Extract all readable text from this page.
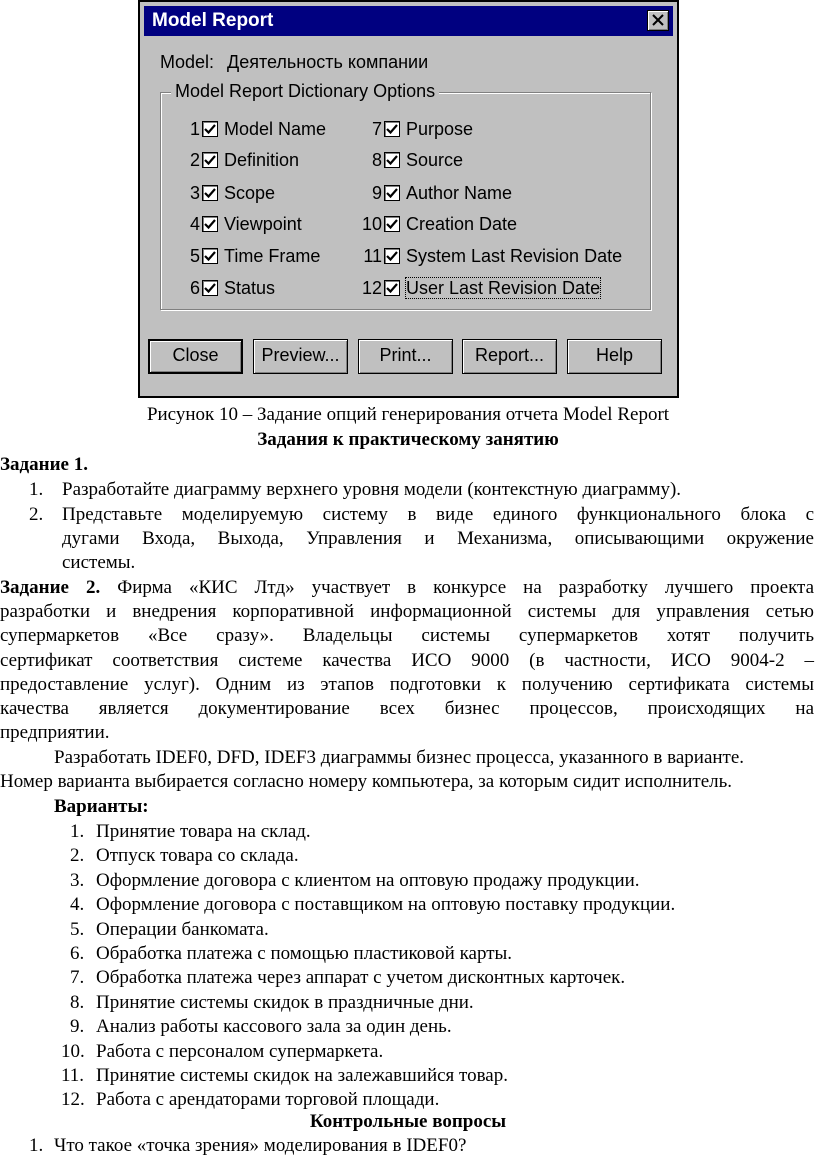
Model Report
Model: Деятельность компании
Model Report Dictionary Options
1 Model Name
2 Definition
3 Scope
4 Viewpoint
5 Time Frame
6 Status
7 Purpose
8 Source
9 Author Name
10 Creation Date
11 System Last Revision Date
12 User Last Revision Date
Close	Preview...	Print...	Report...	Help
Рисунок 10 – Задание опций генерирования отчета Model Report
Задания к практическому занятию
Задание 1.
1. Разработайте диаграмму верхнего уровня модели (контекстную диаграмму).
2. Представьте моделируемую систему в виде единого функционального блока с
дугами Входа, Выхода, Управления и Механизма, описывающими окружение
системы.
Задание 2. Фирма «КИС Лтд» участвует в конкурсе на разработку лучшего проекта
разработки и внедрения корпоративной информационной системы для управления сетью
супермаркетов «Все сразу». Владельцы системы супермаркетов хотят получить
сертификат соответствия системе качества ИСО 9000 (в частности, ИСО 9004-2 –
предоставление услуг). Одним из этапов подготовки к получению сертификата системы
качества является документирование всех бизнес процессов, происходящих на
предприятии.
Разработать IDEF0, DFD, IDEF3 диаграммы бизнес процесса, указанного в варианте.
Номер варианта выбирается согласно номеру компьютера, за которым сидит исполнитель.
Варианты:
1. Принятие товара на склад.
2. Отпуск товара со склада.
3. Оформление договора с клиентом на оптовую продажу продукции.
4. Оформление договора с поставщиком на оптовую поставку продукции.
5. Операции банкомата.
6. Обработка платежа с помощью пластиковой карты.
7. Обработка платежа через аппарат с учетом дисконтных карточек.
8. Принятие системы скидок в праздничные дни.
9. Анализ работы кассового зала за один день.
10. Работа с персоналом супермаркета.
11. Принятие системы скидок на залежавшийся товар.
12. Работа с арендаторами торговой площади.
Контрольные вопросы
1. Что такое «точка зрения» моделирования в IDEF0?
